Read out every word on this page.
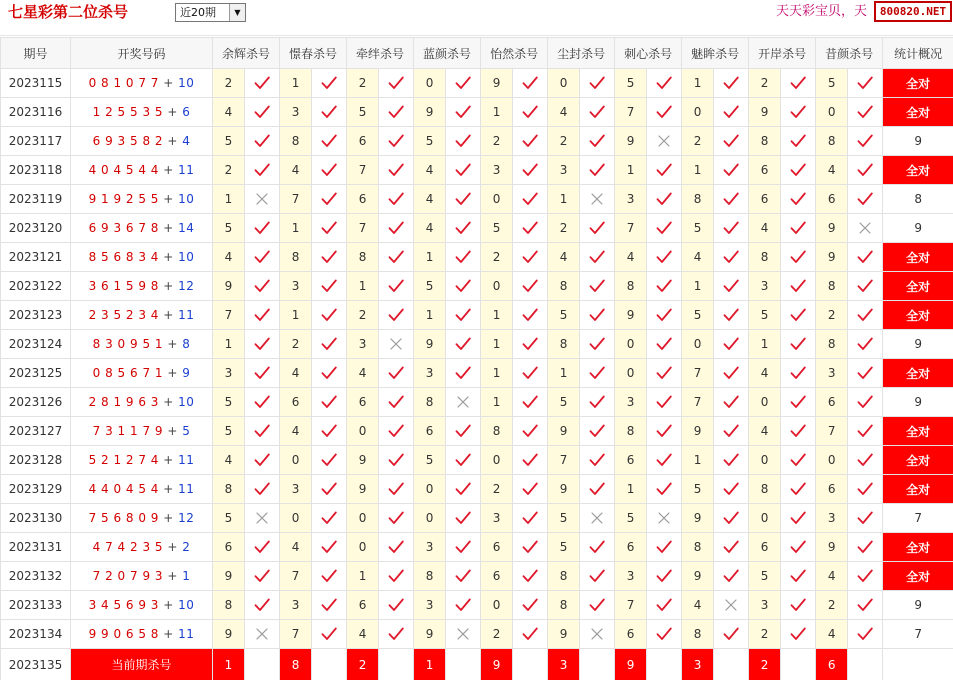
七星彩第二位杀号	近20期	▼	天天彩宝贝，天	800820.NET
期号	开奖号码	余辉杀号		憬春杀号		牵绊杀号		蓝颜杀号		怡然杀号		尘封杀号		刺心杀号		魅眸杀号		开岸杀号		昔颜杀号		统计概况
2023115	0 8 1 0 7 7 + 10	2		1		2		0		9		0		5		1		2		5		全对
2023116	1 2 5 5 3 5 + 6	4		3		5		9		1		4		7		0		9		0		全对
2023117	6 9 3 5 8 2 + 4	5		8		6		5		2		2		9		2		8		8		9
2023118	4 0 4 5 4 4 + 11	2		4		7		4		3		3		1		1		6		4		全对
2023119	9 1 9 2 5 5 + 10	1		7		6		4		0		1		3		8		6		6		8
2023120	6 9 3 6 7 8 + 14	5		1		7		4		5		2		7		5		4		9		9
2023121	8 5 6 8 3 4 + 10	4		8		8		1		2		4		4		4		8		9		全对
2023122	3 6 1 5 9 8 + 12	9		3		1		5		0		8		8		1		3		8		全对
2023123	2 3 5 2 3 4 + 11	7		1		2		1		1		5		9		5		5		2		全对
2023124	8 3 0 9 5 1 + 8	1		2		3		9		1		8		0		0		1		8		9
2023125	0 8 5 6 7 1 + 9	3		4		4		3		1		1		0		7		4		3		全对
2023126	2 8 1 9 6 3 + 10	5		6		6		8		1		5		3		7		0		6		9
2023127	7 3 1 1 7 9 + 5	5		4		0		6		8		9		8		9		4		7		全对
2023128	5 2 1 2 7 4 + 11	4		0		9		5		0		7		6		1		0		0		全对
2023129	4 4 0 4 5 4 + 11	8		3		9		0		2		9		1		5		8		6		全对
2023130	7 5 6 8 0 9 + 12	5		0		0		0		3		5		5		9		0		3		7
2023131	4 7 4 2 3 5 + 2	6		4		0		3		6		5		6		8		6		9		全对
2023132	7 2 0 7 9 3 + 1	9		7		1		8		6		8		3		9		5		4		全对
2023133	3 4 5 6 9 3 + 10	8		3		6		3		0		8		7		4		3		2		9
2023134	9 9 0 6 5 8 + 11	9		7		4		9		2		9		6		8		2		4		7
2023135	当前期杀号	1		8		2		1		9		3		9		3		2		6		
